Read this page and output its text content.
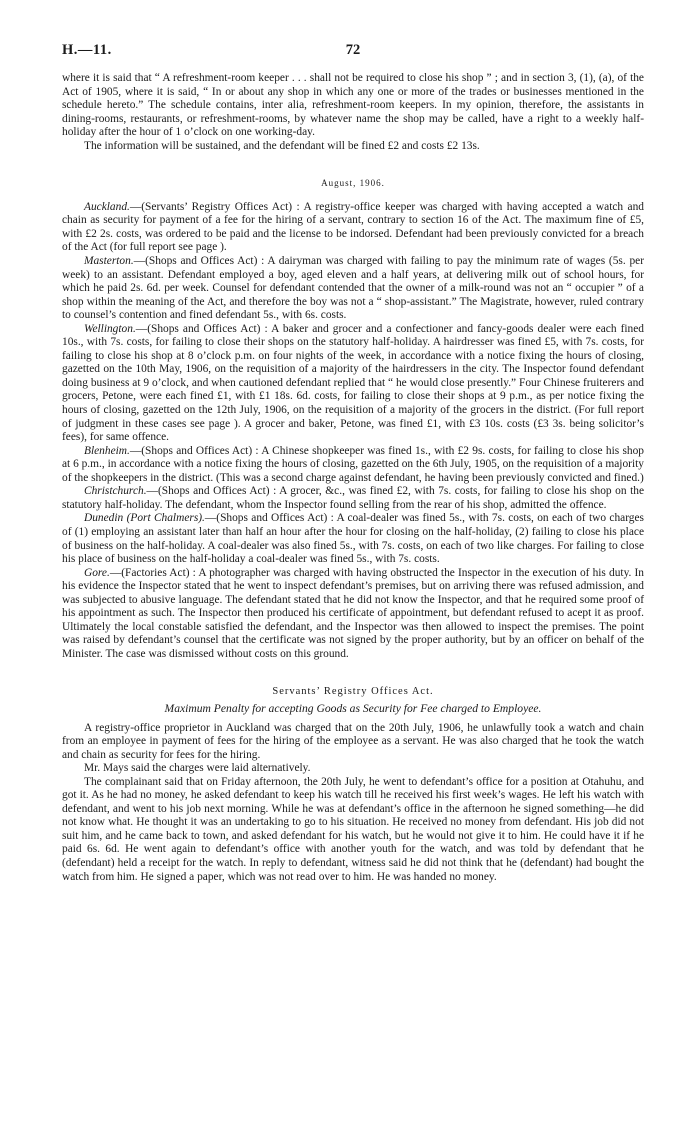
H.—11.	72

where it is said that “ A refreshment-room keeper . . . shall not be required to close his shop ” ; and in section 3, (1), (a), of the Act of 1905, where it is said, “ In or about any shop in which any one or more of the trades or businesses mentioned in the schedule hereto.” The schedule contains, inter alia, refreshment-room keepers. In my opinion, therefore, the assistants in dining-rooms, restaurants, or refreshment-rooms, by whatever name the shop may be called, have a right to a weekly half-holiday after the hour of 1 o’clock on one working-day.

The information will be sustained, and the defendant will be fined £2 and costs £2 13s.

August, 1906.

Auckland.—(Servants’ Registry Offices Act) : A registry-office keeper was charged with having accepted a watch and chain as security for payment of a fee for the hiring of a servant, contrary to section 16 of the Act. The maximum fine of £5, with £2 2s. costs, was ordered to be paid and the license to be indorsed. Defendant had been previously convicted for a breach of the Act (for full report see page ).

Masterton.—(Shops and Offices Act) : A dairyman was charged with failing to pay the minimum rate of wages (5s. per week) to an assistant. Defendant employed a boy, aged eleven and a half years, at delivering milk out of school hours, for which he paid 2s. 6d. per week. Counsel for defendant contended that the owner of a milk-round was not an “ occupier ” of a shop within the meaning of the Act, and therefore the boy was not a “ shop-assistant.” The Magistrate, however, ruled contrary to counsel’s contention and fined defendant 5s., with 6s. costs.

Wellington.—(Shops and Offices Act) : A baker and grocer and a confectioner and fancy-goods dealer were each fined 10s., with 7s. costs, for failing to close their shops on the statutory half-holiday. A hairdresser was fined £5, with 7s. costs, for failing to close his shop at 8 o’clock p.m. on four nights of the week, in accordance with a notice fixing the hours of closing, gazetted on the 10th May, 1906, on the requisition of a majority of the hairdressers in the city. The Inspector found defendant doing business at 9 o’clock, and when cautioned defendant replied that “ he would close presently.” Four Chinese fruiterers and grocers, Petone, were each fined £1, with £1 18s. 6d. costs, for failing to close their shops at 9 p.m., as per notice fixing the hours of closing, gazetted on the 12th July, 1906, on the requisition of a majority of the grocers in the district. (For full report of judgment in these cases see page ). A grocer and baker, Petone, was fined £1, with £3 10s. costs (£3 3s. being solicitor’s fees), for same offence.

Blenheim.—(Shops and Offices Act) : A Chinese shopkeeper was fined 1s., with £2 9s. costs, for failing to close his shop at 6 p.m., in accordance with a notice fixing the hours of closing, gazetted on the 6th July, 1905, on the requisition of a majority of the shopkeepers in the district. (This was a second charge against defendant, he having been previously convicted and fined.)

Christchurch.—(Shops and Offices Act) : A grocer, &c., was fined £2, with 7s. costs, for failing to close his shop on the statutory half-holiday. The defendant, whom the Inspector found selling from the rear of his shop, admitted the offence.

Dunedin (Port Chalmers).—(Shops and Offices Act) : A coal-dealer was fined 5s., with 7s. costs, on each of two charges of (1) employing an assistant later than half an hour after the hour for closing on the half-holiday, (2) failing to close his place of business on the half-holiday. A coal-dealer was also fined 5s., with 7s. costs, on each of two like charges. For failing to close his place of business on the half-holiday a coal-dealer was fined 5s., with 7s. costs.

Gore.—(Factories Act) : A photographer was charged with having obstructed the Inspector in the execution of his duty. In his evidence the Inspector stated that he went to inspect defendant’s premises, but on arriving there was refused admission, and was subjected to abusive language. The defendant stated that he did not know the Inspector, and that he required some proof of his appointment as such. The Inspector then produced his certificate of appointment, but defendant refused to acept it as proof. Ultimately the local constable satisfied the defendant, and the Inspector was then allowed to inspect the premises. The point was raised by defendant’s counsel that the certificate was not signed by the proper authority, but by an officer on behalf of the Minister. The case was dismissed without costs on this ground.

Servants’ Registry Offices Act.
Maximum Penalty for accepting Goods as Security for Fee charged to Employee.

A registry-office proprietor in Auckland was charged that on the 20th July, 1906, he unlawfully took a watch and chain from an employee in payment of fees for the hiring of the employee as a servant. He was also charged that he took the watch and chain as security for fees for the hiring.

Mr. Mays said the charges were laid alternatively.

The complainant said that on Friday afternoon, the 20th July, he went to defendant’s office for a position at Otahuhu, and got it. As he had no money, he asked defendant to keep his watch till he received his first week’s wages. He left his watch with defendant, and went to his job next morning. While he was at defendant’s office in the afternoon he signed something—he did not know what. He thought it was an undertaking to go to his situation. He received no money from defendant. His job did not suit him, and he came back to town, and asked defendant for his watch, but he would not give it to him. He could have it if he paid 6s. 6d. He went again to defendant’s office with another youth for the watch, and was told by defendant that he (defendant) held a receipt for the watch. In reply to defendant, witness said he did not think that he (defendant) had bought the watch from him. He signed a paper, which was not read over to him. He was handed no money.
